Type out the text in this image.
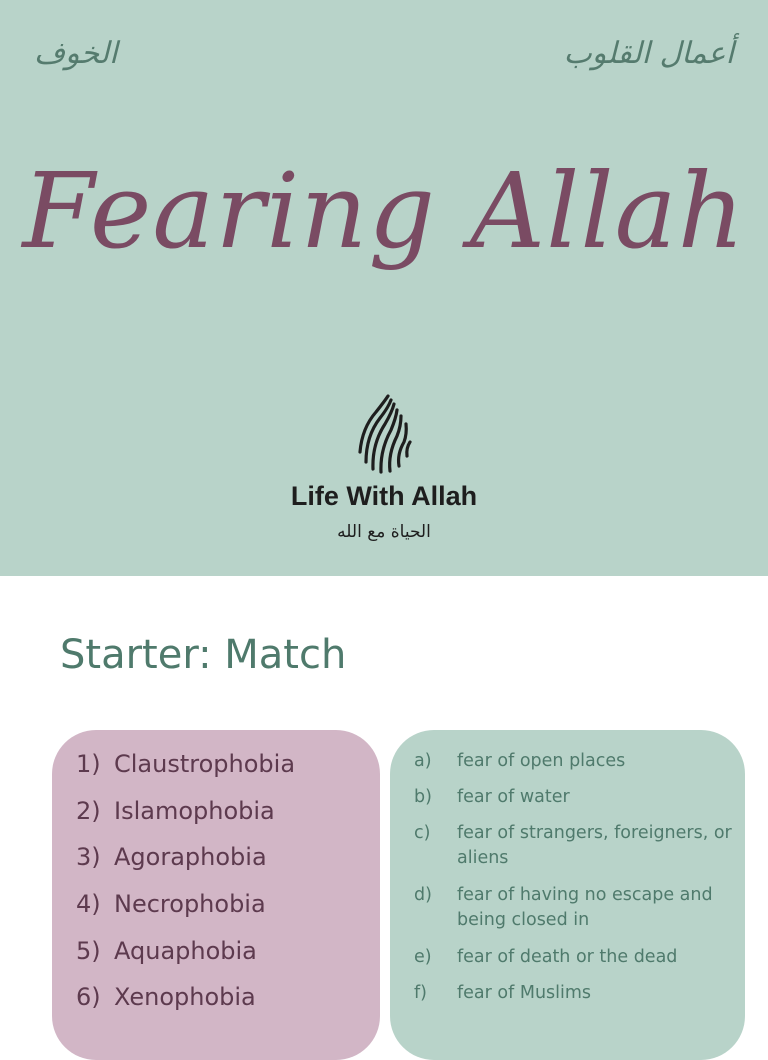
الخوف	أعمال القلوب
Fearing Allah
Life With Allah
الحياة مع الله
Starter: Match
1) Claustrophobia
2) Islamophobia
3) Agoraphobia
4) Necrophobia
5) Aquaphobia
6) Xenophobia
a)	fear of open places
b)	fear of water
c)	fear of strangers, foreigners, or aliens
d)	fear of having no escape and being closed in
e)	fear of death or the dead
f)	fear of Muslims
